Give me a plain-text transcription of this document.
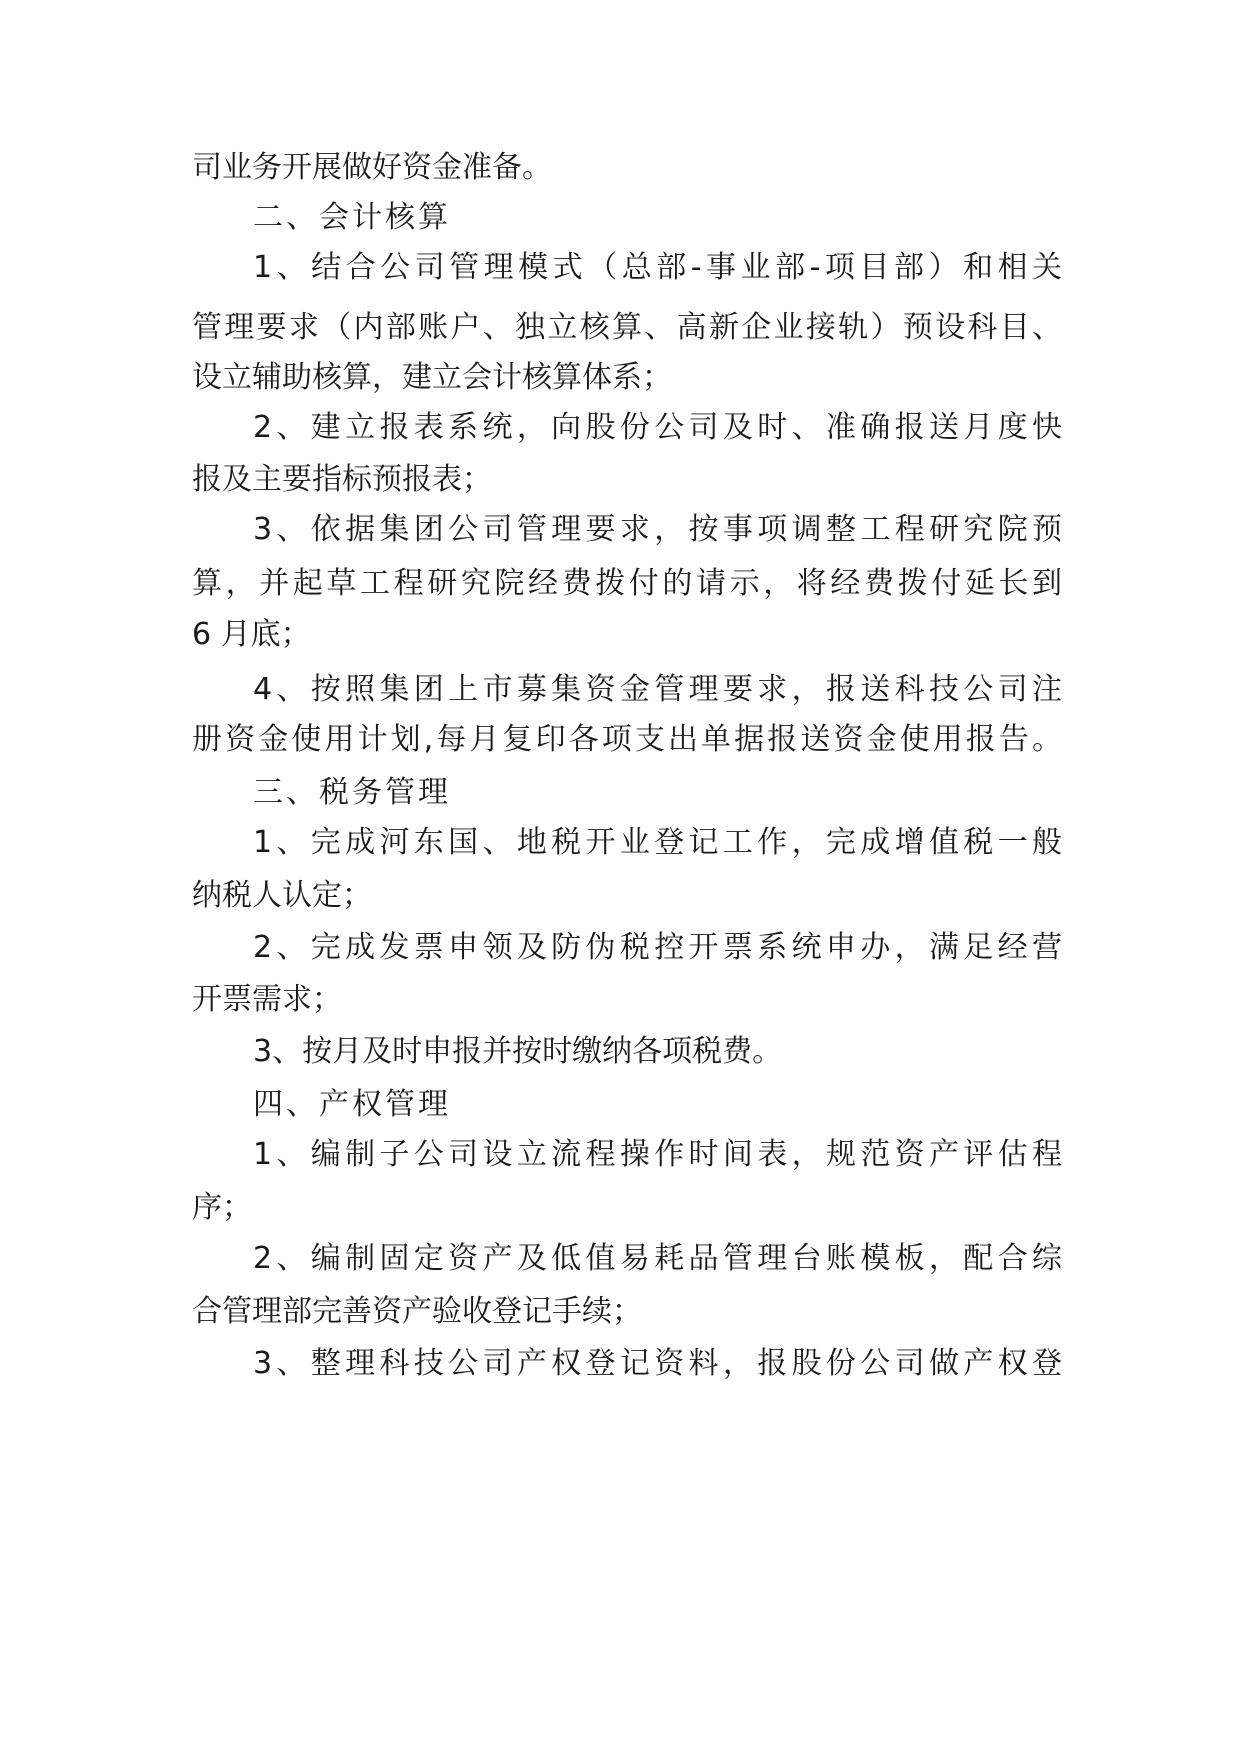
司业务开展做好资金准备。
二、会计核算
1、结合公司管理模式（总部-事业部-项目部）和相关
管理要求（内部账户、独立核算、高新企业接轨）预设科目、
设立辅助核算，建立会计核算体系；
2、建立报表系统，向股份公司及时、准确报送月度快
报及主要指标预报表；
3、依据集团公司管理要求，按事项调整工程研究院预
算，并起草工程研究院经费拨付的请示，将经费拨付延长到
6 月底；
4、按照集团上市募集资金管理要求，报送科技公司注
册资金使用计划,每月复印各项支出单据报送资金使用报告。
三、税务管理
1、完成河东国、地税开业登记工作，完成增值税一般
纳税人认定；
2、完成发票申领及防伪税控开票系统申办，满足经营
开票需求；
3、按月及时申报并按时缴纳各项税费。
四、产权管理
1、编制子公司设立流程操作时间表，规范资产评估程
序；
2、编制固定资产及低值易耗品管理台账模板，配合综
合管理部完善资产验收登记手续；
3、整理科技公司产权登记资料，报股份公司做产权登
